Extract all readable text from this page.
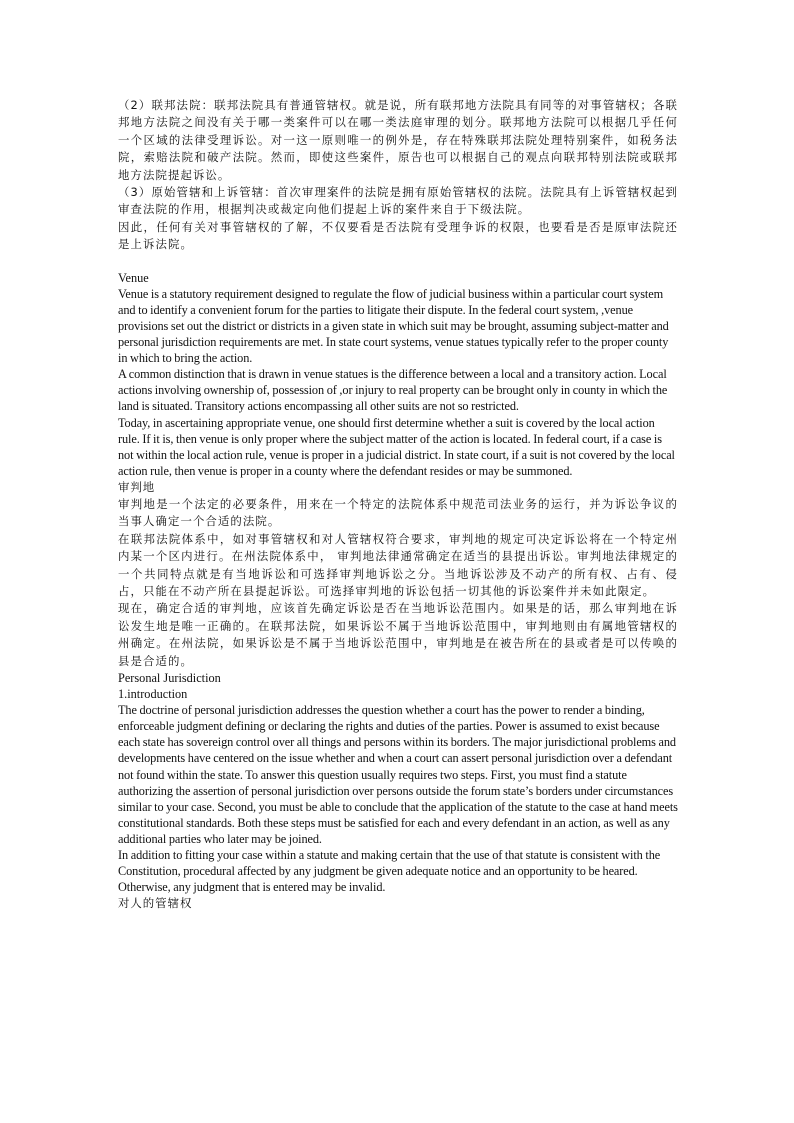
（2）联邦法院：联邦法院具有普通管辖权。就是说，所有联邦地方法院具有同等的对事管辖权；各联邦地方法院之间没有关于哪一类案件可以在哪一类法庭审理的划分。联邦地方法院可以根据几乎任何一个区域的法律受理诉讼。对一这一原则唯一的例外是，存在特殊联邦法院处理特别案件，如税务法院，索赔法院和破产法院。然而，即使这些案件，原告也可以根据自己的观点向联邦特别法院或联邦地方法院提起诉讼。

（3）原始管辖和上诉管辖：首次审理案件的法院是拥有原始管辖权的法院。法院具有上诉管辖权起到审查法院的作用，根据判决或裁定向他们提起上诉的案件来自于下级法院。

因此，任何有关对事管辖权的了解，不仅要看是否法院有受理争诉的权限，也要看是否是原审法院还是上诉法院。

Venue

Venue is a statutory requirement designed to regulate the flow of judicial business within a particular court system and to identify a convenient forum for the parties to litigate their dispute. In the federal court system, ,venue provisions set out the district or districts in a given state in which suit may be brought, assuming subject-matter and personal jurisdiction requirements are met. In state court systems, venue statues typically refer to the proper county in which to bring the action.

A common distinction that is drawn in venue statues is the difference between a local and a transitory action. Local actions involving ownership of, possession of ,or injury to real property can be brought only in county in which the land is situated. Transitory actions encompassing all other suits are not so restricted.

Today, in ascertaining appropriate venue, one should first determine whether a suit is covered by the local action rule. If it is, then venue is only proper where the subject matter of the action is located. In federal court, if a case is not within the local action rule, venue is proper in a judicial district. In state court, if a suit is not covered by the local action rule, then venue is proper in a county where the defendant resides or may be summoned.

审判地

审判地是一个法定的必要条件，用来在一个特定的法院体系中规范司法业务的运行，并为诉讼争议的当事人确定一个合适的法院。

在联邦法院体系中，如对事管辖权和对人管辖权符合要求，审判地的规定可决定诉讼将在一个特定州内某一个区内进行。在州法院体系中， 审判地法律通常确定在适当的县提出诉讼。审判地法律规定的一个共同特点就是有当地诉讼和可选择审判地诉讼之分。当地诉讼涉及不动产的所有权、占有、侵占，只能在不动产所在县提起诉讼。可选择审判地的诉讼包括一切其他的诉讼案件并未如此限定。

现在，确定合适的审判地，应该首先确定诉讼是否在当地诉讼范围内。如果是的话，那么审判地在诉讼发生地是唯一正确的。在联邦法院，如果诉讼不属于当地诉讼范围中，审判地则由有属地管辖权的州确定。在州法院，如果诉讼是不属于当地诉讼范围中，审判地是在被告所在的县或者是可以传唤的县是合适的。

Personal Jurisdiction

1.introduction

The doctrine of personal jurisdiction addresses the question whether a court has the power to render a binding, enforceable judgment defining or declaring the rights and duties of the parties. Power is assumed to exist because each state has sovereign control over all things and persons within its borders. The major jurisdictional problems and developments have centered on the issue whether and when a court can assert personal jurisdiction over a defendant not found within the state. To answer this question usually requires two steps. First, you must find a statute authorizing the assertion of personal jurisdiction over persons outside the forum state’s borders under circumstances similar to your case. Second, you must be able to conclude that the application of the statute to the case at hand meets constitutional standards. Both these steps must be satisfied for each and every defendant in an action, as well as any additional parties who later may be joined.

In addition to fitting your case within a statute and making certain that the use of that statute is consistent with the Constitution, procedural affected by any judgment be given adequate notice and an opportunity to be heared. Otherwise, any judgment that is entered may be invalid.

对人的管辖权
